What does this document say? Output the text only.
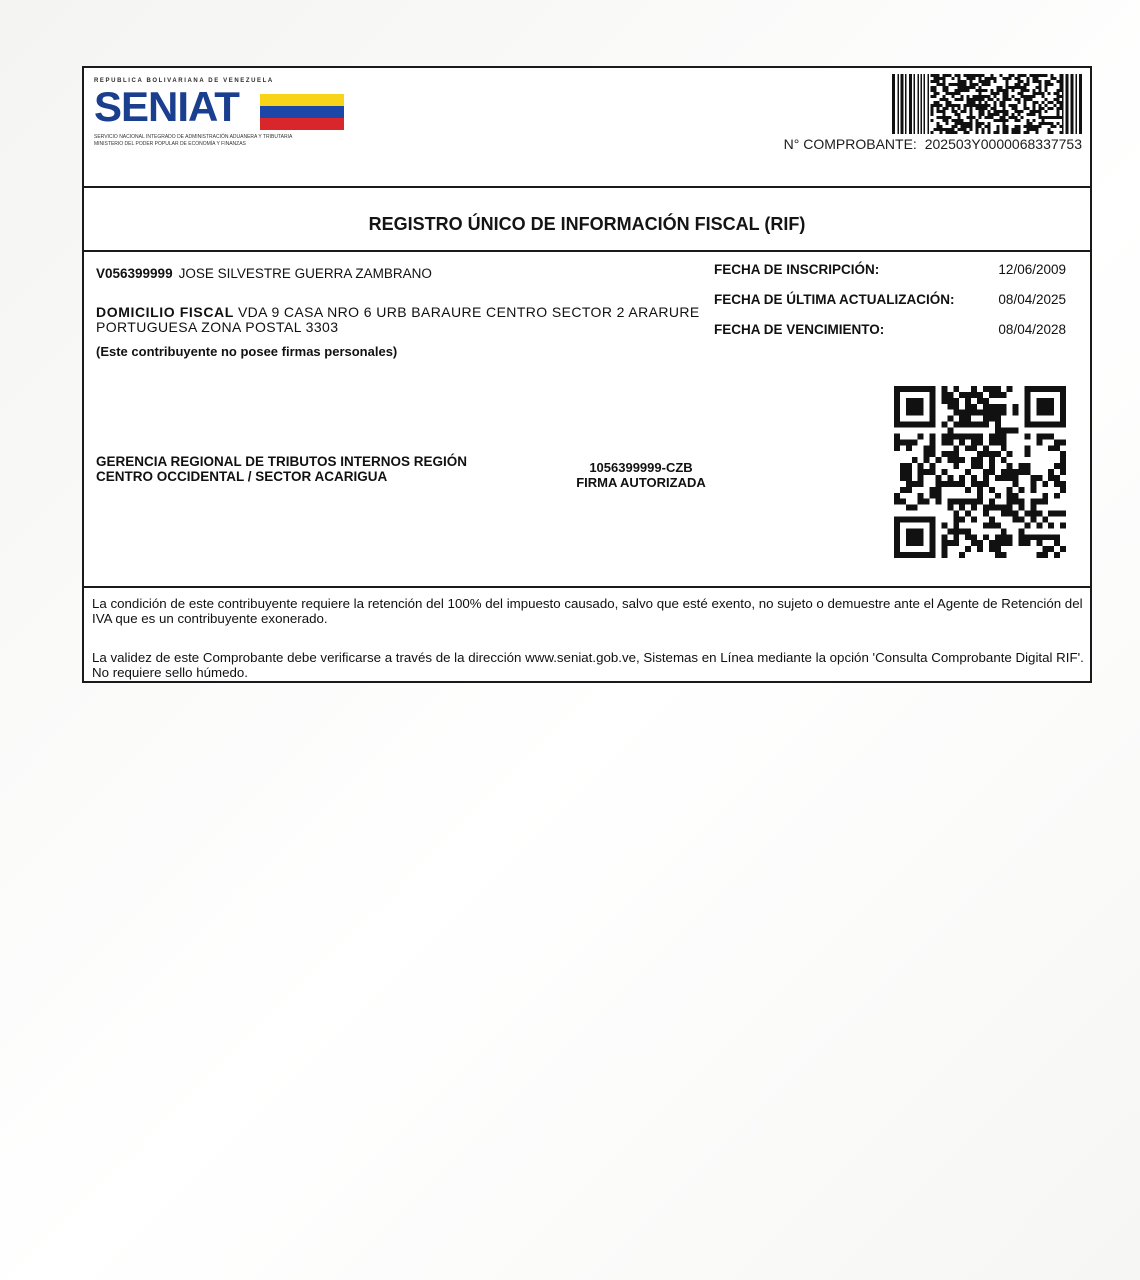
REPUBLICA BOLIVARIANA DE VENEZUELA
SENIAT
SERVICIO NACIONAL INTEGRADO DE ADMINISTRACIÓN ADUANERA Y TRIBUTARIA
MINISTERIO DEL PODER POPULAR DE ECONOMÍA Y FINANZAS	N° COMPROBANTE: 202503Y0000068337753
REGISTRO ÚNICO DE INFORMACIÓN FISCAL (RIF)
V056399999 JOSE SILVESTRE GUERRA ZAMBRANO
DOMICILIO FISCAL VDA 9 CASA NRO 6 URB BARAURE CENTRO SECTOR 2 ARARURE PORTUGUESA ZONA POSTAL 3303
(Este contribuyente no posee firmas personales)
FECHA DE INSCRIPCIÓN:	12/06/2009
FECHA DE ÚLTIMA ACTUALIZACIÓN:	08/04/2025
FECHA DE VENCIMIENTO:	08/04/2028
GERENCIA REGIONAL DE TRIBUTOS INTERNOS REGIÓN CENTRO OCCIDENTAL / SECTOR ACARIGUA
1056399999-CZB
FIRMA AUTORIZADA
La condición de este contribuyente requiere la retención del 100% del impuesto causado, salvo que esté exento, no sujeto o demuestre ante el Agente de Retención del IVA que es un contribuyente exonerado.
La validez de este Comprobante debe verificarse a través de la dirección www.seniat.gob.ve, Sistemas en Línea mediante la opción 'Consulta Comprobante Digital RIF'. No requiere sello húmedo.
